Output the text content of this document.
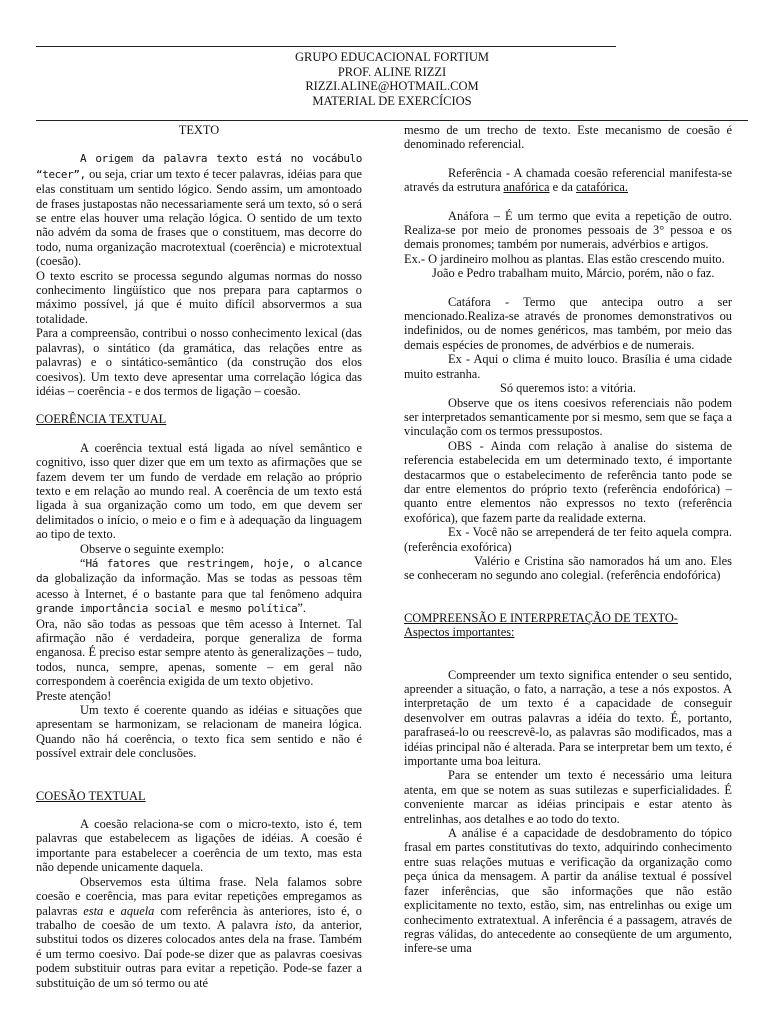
GRUPO EDUCACIONAL FORTIUM
PROF. ALINE RIZZI
RIZZI.ALINE@HOTMAIL.COM
MATERIAL DE EXERCÍCIOS

TEXTO

A origem da palavra texto está no vocábulo “tecer”, ou seja, criar um texto é tecer palavras, idéias para que elas constituam um sentido lógico. Sendo assim, um amontoado de frases justapostas não necessariamente será um texto, só o será se entre elas houver uma relação lógica. O sentido de um texto não advém da soma de frases que o constituem, mas decorre do todo, numa organização macrotextual (coerência) e microtextual (coesão).

O texto escrito se processa segundo algumas normas do nosso conhecimento lingüístico que nos prepara para captarmos o máximo possível, já que é muito difícil absorvermos a sua totalidade.

Para a compreensão, contribui o nosso conhecimento lexical (das palavras), o sintático (da gramática, das relações entre as palavras) e o sintático-semântico (da construção dos elos coesivos). Um texto deve apresentar uma correlação lógica das idéias – coerência - e dos termos de ligação – coesão.

COERÊNCIA TEXTUAL

A coerência textual está ligada ao nível semântico e cognitivo, isso quer dizer que em um texto as afirmações que se fazem devem ter um fundo de verdade em relação ao próprio texto e em relação ao mundo real. A coerência de um texto está ligada à sua organização como um todo, em que devem ser delimitados o início, o meio e o fim e à adequação da linguagem ao tipo de texto.

Observe o seguinte exemplo:

“Há fatores que restringem, hoje, o alcance da globalização da informação. Mas se todas as pessoas têm acesso à Internet, é o bastante para que tal fenômeno adquira grande importância social e mesmo política”.

Ora, não são todas as pessoas que têm acesso à Internet. Tal afirmação não é verdadeira, porque generaliza de forma enganosa. É preciso estar sempre atento às generalizações – tudo, todos, nunca, sempre, apenas, somente – em geral não correspondem à coerência exigida de um texto objetivo.

Preste atenção!

Um texto é coerente quando as idéias e situações que apresentam se harmonizam, se relacionam de maneira lógica. Quando não há coerência, o texto fica sem sentido e não é possível extrair dele conclusões.

COESÃO TEXTUAL

A coesão relaciona-se com o micro-texto, isto é, tem palavras que estabelecem as ligações de idéias. A coesão é importante para estabelecer a coerência de um texto, mas esta não depende unicamente daquela.

Observemos esta última frase. Nela falamos sobre coesão e coerência, mas para evitar repetições empregamos as palavras esta e aquela com referência às anteriores, isto é, o trabalho de coesão de um texto. A palavra isto, da anterior, substitui todos os dizeres colocados antes dela na frase. Também é um termo coesivo. Daí pode-se dizer que as palavras coesivas podem substituir outras para evitar a repetição. Pode-se fazer a substituição de um só termo ou até

mesmo de um trecho de texto. Este mecanismo de coesão é denominado referencial.

Referência - A chamada coesão referencial manifesta-se através da estrutura anafórica e da catafórica.

Anáfora – É um termo que evita a repetição de outro. Realiza-se por meio de pronomes pessoais de 3° pessoa e os demais pronomes; também por numerais, advérbios e artigos.

Ex.- O jardineiro molhou as plantas. Elas estão crescendo muito.

João e Pedro trabalham muito, Márcio, porém, não o faz.

Catáfora - Termo que antecipa outro a ser mencionado.Realiza-se através de pronomes demonstrativos ou indefinidos, ou de nomes genéricos, mas também, por meio das demais espécies de pronomes, de advérbios e de numerais.

Ex - Aqui o clima é muito louco. Brasília é uma cidade muito estranha.

Só queremos isto: a vitória.

Observe que os itens coesivos referenciais não podem ser interpretados semanticamente por si mesmo, sem que se faça a vinculação com os termos pressupostos.

OBS - Ainda com relação à analise do sistema de referencia estabelecida em um determinado texto, é importante destacarmos que o estabelecimento de referência tanto pode se dar entre elementos do próprio texto (referência endofórica) – quanto entre elementos não expressos no texto (referência exofórica), que fazem parte da realidade externa.

Ex - Você não se arrependerá de ter feito aquela compra. (referência exofórica)

Valério e Cristina são namorados há um ano. Eles se conheceram no segundo ano colegial. (referência endofórica)

COMPREENSÃO E INTERPRETAÇÃO DE TEXTO-

Aspectos importantes:

Compreender um texto significa entender o seu sentido, apreender a situação, o fato, a narração, a tese a nós expostos. A interpretação de um texto é a capacidade de conseguir desenvolver em outras palavras a idéia do texto. É, portanto, parafraseá-lo ou reescrevê-lo, as palavras são modificados, mas a idéias principal não é alterada. Para se interpretar bem um texto, é importante uma boa leitura.

Para se entender um texto é necessário uma leitura atenta, em que se notem as suas sutilezas e superficialidades. É conveniente marcar as idéias principais e estar atento às entrelinhas, aos detalhes e ao todo do texto.

A análise é a capacidade de desdobramento do tópico frasal em partes constitutivas do texto, adquirindo conhecimento entre suas relações mutuas e verificação da organização como peça única da mensagem. A partir da análise textual é possível fazer inferências, que são informações que não estão explicitamente no texto, estão, sim, nas entrelinhas ou exige um conhecimento extratextual. A inferência é a passagem, através de regras válidas, do antecedente ao conseqüente de um argumento, infere-se uma
